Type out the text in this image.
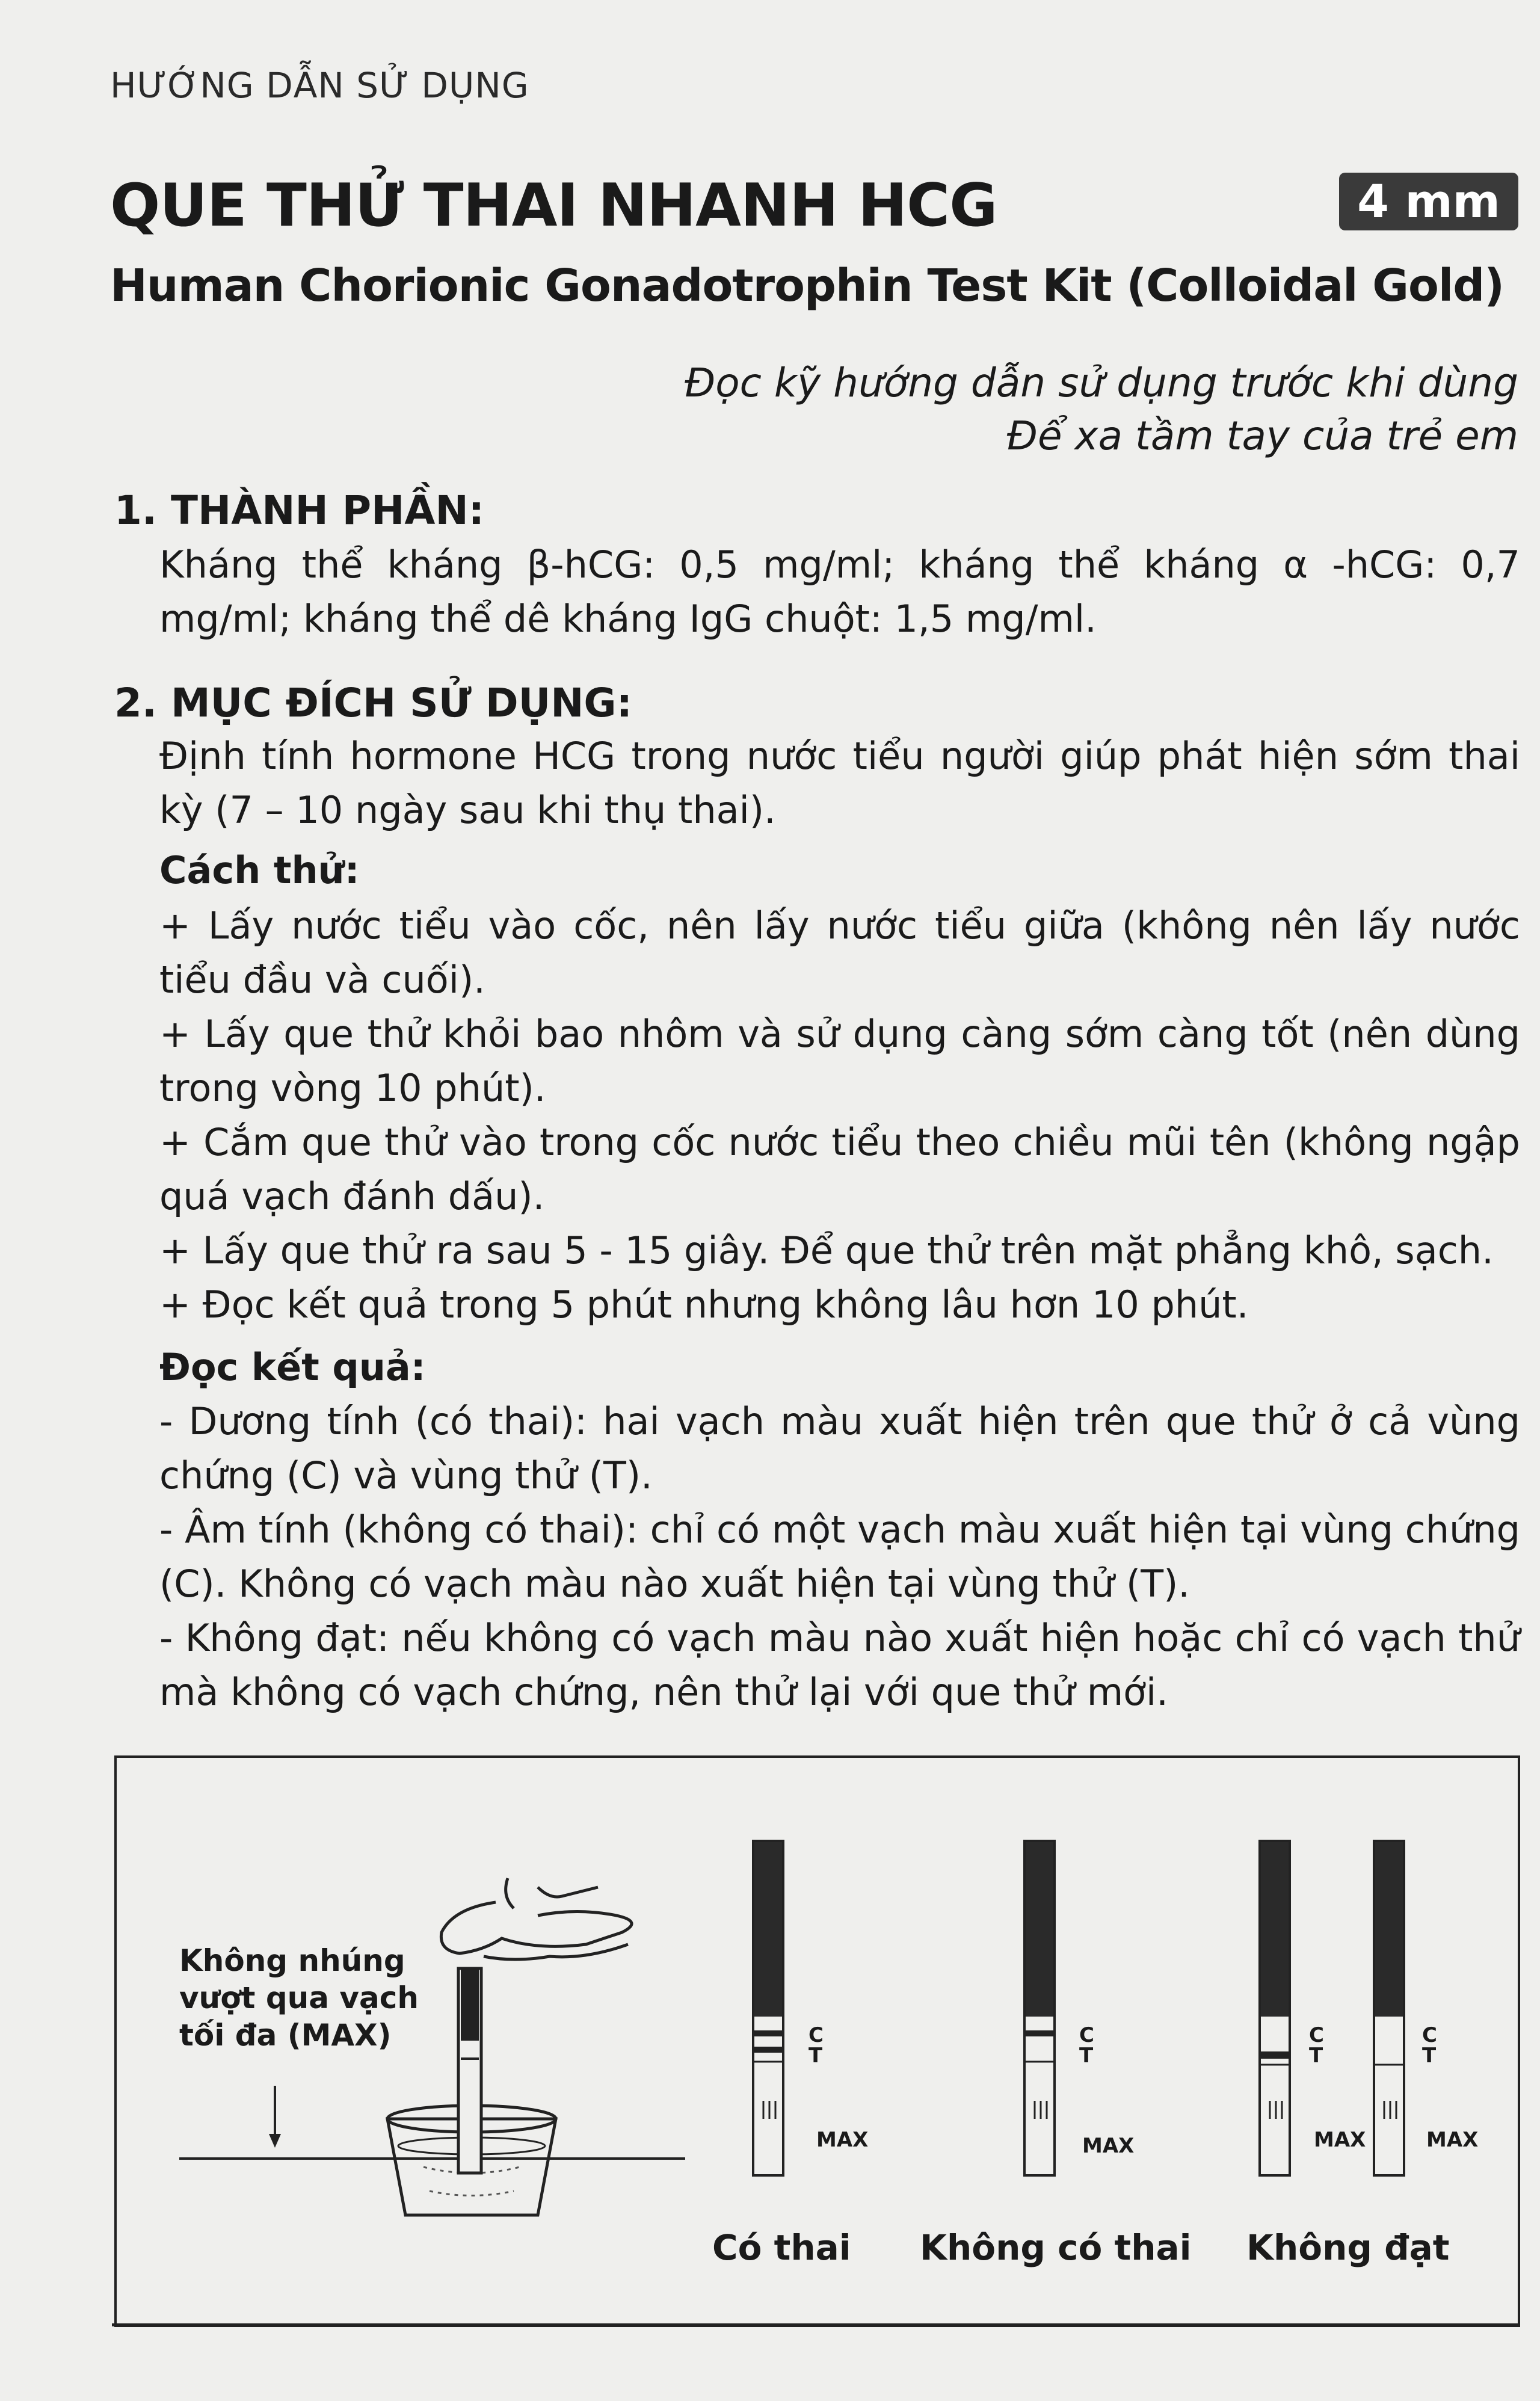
HƯỚNG DẪN SỬ DỤNG
QUE THỬ THAI NHANH HCG	4 mm
Human Chorionic Gonadotrophin Test Kit (Colloidal Gold)
Đọc kỹ hướng dẫn sử dụng trước khi dùng
Để xa tầm tay của trẻ em
1. THÀNH PHẦN:

Kháng thể kháng β-hCG: 0,5 mg/ml; kháng thể kháng α -hCG: 0,7 mg/ml; kháng thể dê kháng IgG chuột: 1,5 mg/ml.

2. MỤC ĐÍCH SỬ DỤNG:

Định tính hormone HCG trong nước tiểu người giúp phát hiện sớm thai kỳ (7 – 10 ngày sau khi thụ thai).

Cách thử:

+ Lấy nước tiểu vào cốc, nên lấy nước tiểu giữa (không nên lấy nước tiểu đầu và cuối).

+ Lấy que thử khỏi bao nhôm và sử dụng càng sớm càng tốt (nên dùng trong vòng 10 phút).

+ Cắm que thử vào trong cốc nước tiểu theo chiều mũi tên (không ngập quá vạch đánh dấu).

+ Lấy que thử ra sau 5 - 15 giây. Để que thử trên mặt phẳng khô, sạch.

+ Đọc kết quả trong 5 phút nhưng không lâu hơn 10 phút.

Đọc kết quả:

- Dương tính (có thai): hai vạch màu xuất hiện trên que thử ở cả vùng chứng (C) và vùng thử (T).

- Âm tính (không có thai): chỉ có một vạch màu xuất hiện tại vùng chứng (C). Không có vạch màu nào xuất hiện tại vùng thử (T).

- Không đạt: nếu không có vạch màu nào xuất hiện hoặc chỉ có vạch thử mà không có vạch chứng, nên thử lại với que thử mới.

Không nhúng
vượt qua vạch
tối đa (MAX)	C
T
MAX
C
T
MAX
C
T
MAX
C
T
MAX
Có thai Không có thai Không đạt
